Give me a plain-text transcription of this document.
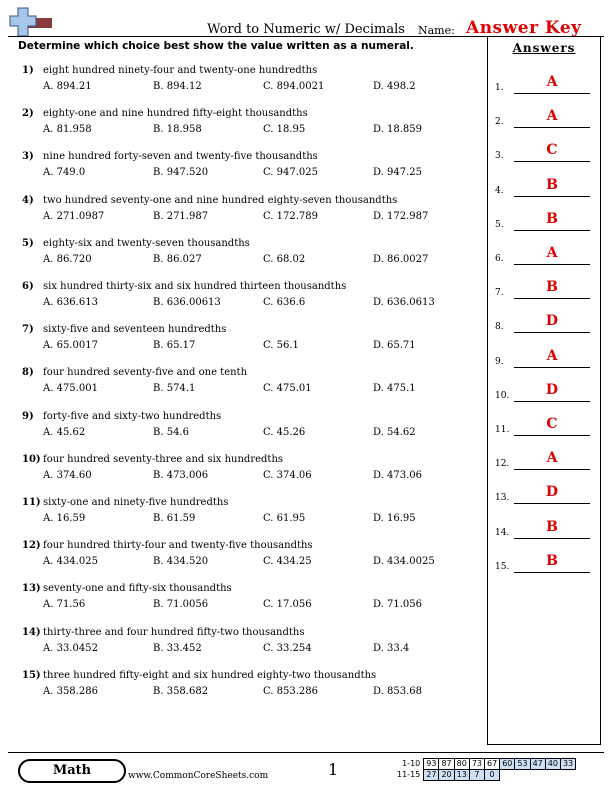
Word to Numeric w/ Decimals	Name: Answer Key
Determine which choice best show the value written as a numeral.
1) eight hundred ninety-four and twenty-one hundredths
A. 894.21	B. 894.12	C. 894.0021	D. 498.2
2) eighty-one and nine hundred fifty-eight thousandths
A. 81.958	B. 18.958	C. 18.95	D. 18.859
3) nine hundred forty-seven and twenty-five thousandths
A. 749.0	B. 947.520	C. 947.025	D. 947.25
4) two hundred seventy-one and nine hundred eighty-seven thousandths
A. 271.0987	B. 271.987	C. 172.789	D. 172.987
5) eighty-six and twenty-seven thousandths
A. 86.720	B. 86.027	C. 68.02	D. 86.0027
6) six hundred thirty-six and six hundred thirteen thousandths
A. 636.613	B. 636.00613	C. 636.6	D. 636.0613
7) sixty-five and seventeen hundredths
A. 65.0017	B. 65.17	C. 56.1	D. 65.71
8) four hundred seventy-five and one tenth
A. 475.001	B. 574.1	C. 475.01	D. 475.1
9) forty-five and sixty-two hundredths
A. 45.62	B. 54.6	C. 45.26	D. 54.62
10) four hundred seventy-three and six hundredths
A. 374.60	B. 473.006	C. 374.06	D. 473.06
11) sixty-one and ninety-five hundredths
A. 16.59	B. 61.59	C. 61.95	D. 16.95
12) four hundred thirty-four and twenty-five thousandths
A. 434.025	B. 434.520	C. 434.25	D. 434.0025
13) seventy-one and fifty-six thousandths
A. 71.56	B. 71.0056	C. 17.056	D. 71.056
14) thirty-three and four hundred fifty-two thousandths
A. 33.0452	B. 33.452	C. 33.254	D. 33.4
15) three hundred fifty-eight and six hundred eighty-two thousandths
A. 358.286	B. 358.682	C. 853.286	D. 853.68
Answers
1.	A
2.	A
3.	C
4.	B
5.	B
6.	A
7.	B
8.	D
9.	A
10.	D
11.	C
12.	A
13.	D
14.	B
15.	B
Math	www.CommonCoreSheets.com	1	1-10	93	87	80	73	67	60	53	47	40	33
11-15	27	20	13	7	0					
